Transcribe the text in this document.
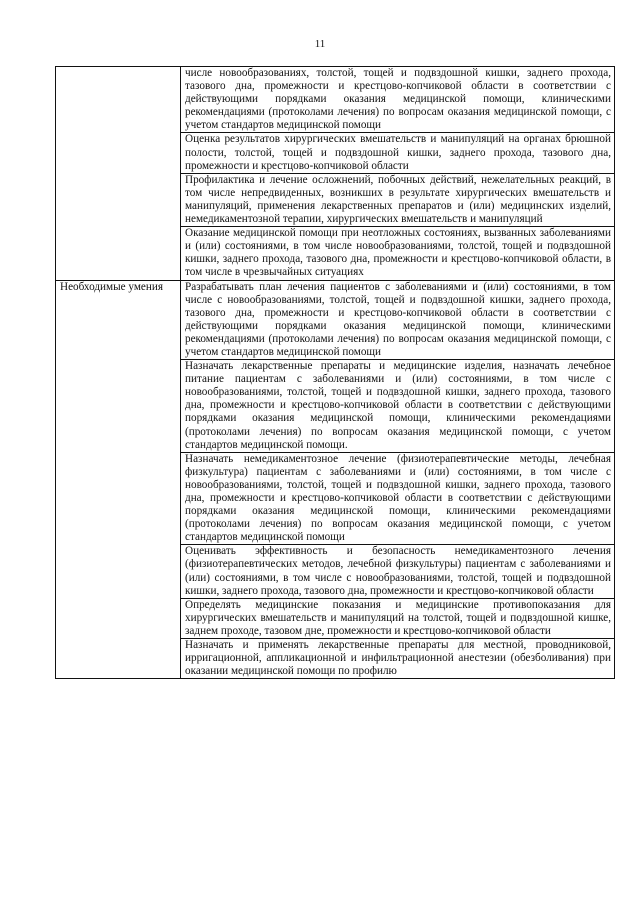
11

	числе новообразованиях, толстой, тощей и подвздошной кишки, заднего прохода, тазового дна, промежности и крестцово-копчиковой области в соответствии с действующими порядками оказания медицинской помощи, клиническими рекомендациями (протоколами лечения) по вопросам оказания медицинской помощи, с учетом стандартов медицинской помощи

	Оценка результатов хирургических вмешательств и манипуляций на органах брюшной полости, толстой, тощей и подвздошной кишки, заднего прохода, тазового дна, промежности и крестцово-копчиковой области

	Профилактика и лечение осложнений, побочных действий, нежелательных реакций, в том числе непредвиденных, возникших в результате хирургических вмешательств и манипуляций, применения лекарственных препаратов и (или) медицинских изделий, немедикаментозной терапии, хирургических вмешательств и манипуляций

	Оказание медицинской помощи при неотложных состояниях, вызванных заболеваниями и (или) состояниями, в том числе новообразованиями, толстой, тощей и подвздошной кишки, заднего прохода, тазового дна, промежности и крестцово-копчиковой области, в том числе в чрезвычайных ситуациях

Необходимые умения	Разрабатывать план лечения пациентов с заболеваниями и (или) состояниями, в том числе с новообразованиями, толстой, тощей и подвздошной кишки, заднего прохода, тазового дна, промежности и крестцово-копчиковой области в соответствии с действующими порядками оказания медицинской помощи, клиническими рекомендациями (протоколами лечения) по вопросам оказания медицинской помощи, с учетом стандартов медицинской помощи

	Назначать лекарственные препараты и медицинские изделия, назначать лечебное питание пациентам с заболеваниями и (или) состояниями, в том числе с новообразованиями, толстой, тощей и подвздошной кишки, заднего прохода, тазового дна, промежности и крестцово-копчиковой области в соответствии с действующими порядками оказания медицинской помощи, клиническими рекомендациями (протоколами лечения) по вопросам оказания медицинской помощи, с учетом стандартов медицинской помощи.

	Назначать немедикаментозное лечение (физиотерапевтические методы, лечебная физкультура) пациентам с заболеваниями и (или) состояниями, в том числе с новообразованиями, толстой, тощей и подвздошной кишки, заднего прохода, тазового дна, промежности и крестцово-копчиковой области в соответствии с действующими порядками оказания медицинской помощи, клиническими рекомендациями (протоколами лечения) по вопросам оказания медицинской помощи, с учетом стандартов медицинской помощи

	Оценивать эффективность и безопасность немедикаментозного лечения (физиотерапевтических методов, лечебной физкультуры) пациентам с заболеваниями и (или) состояниями, в том числе с новообразованиями, толстой, тощей и подвздошной кишки, заднего прохода, тазового дна, промежности и крестцово-копчиковой области

	Определять медицинские показания и медицинские противопоказания для хирургических вмешательств и манипуляций на толстой, тощей и подвздошной кишке, заднем проходе, тазовом дне, промежности и крестцово-копчиковой области

	Назначать и применять лекарственные препараты для местной, проводниковой, ирригационной, аппликационной и инфильтрационной анестезии (обезболивания) при оказании медицинской помощи по профилю
